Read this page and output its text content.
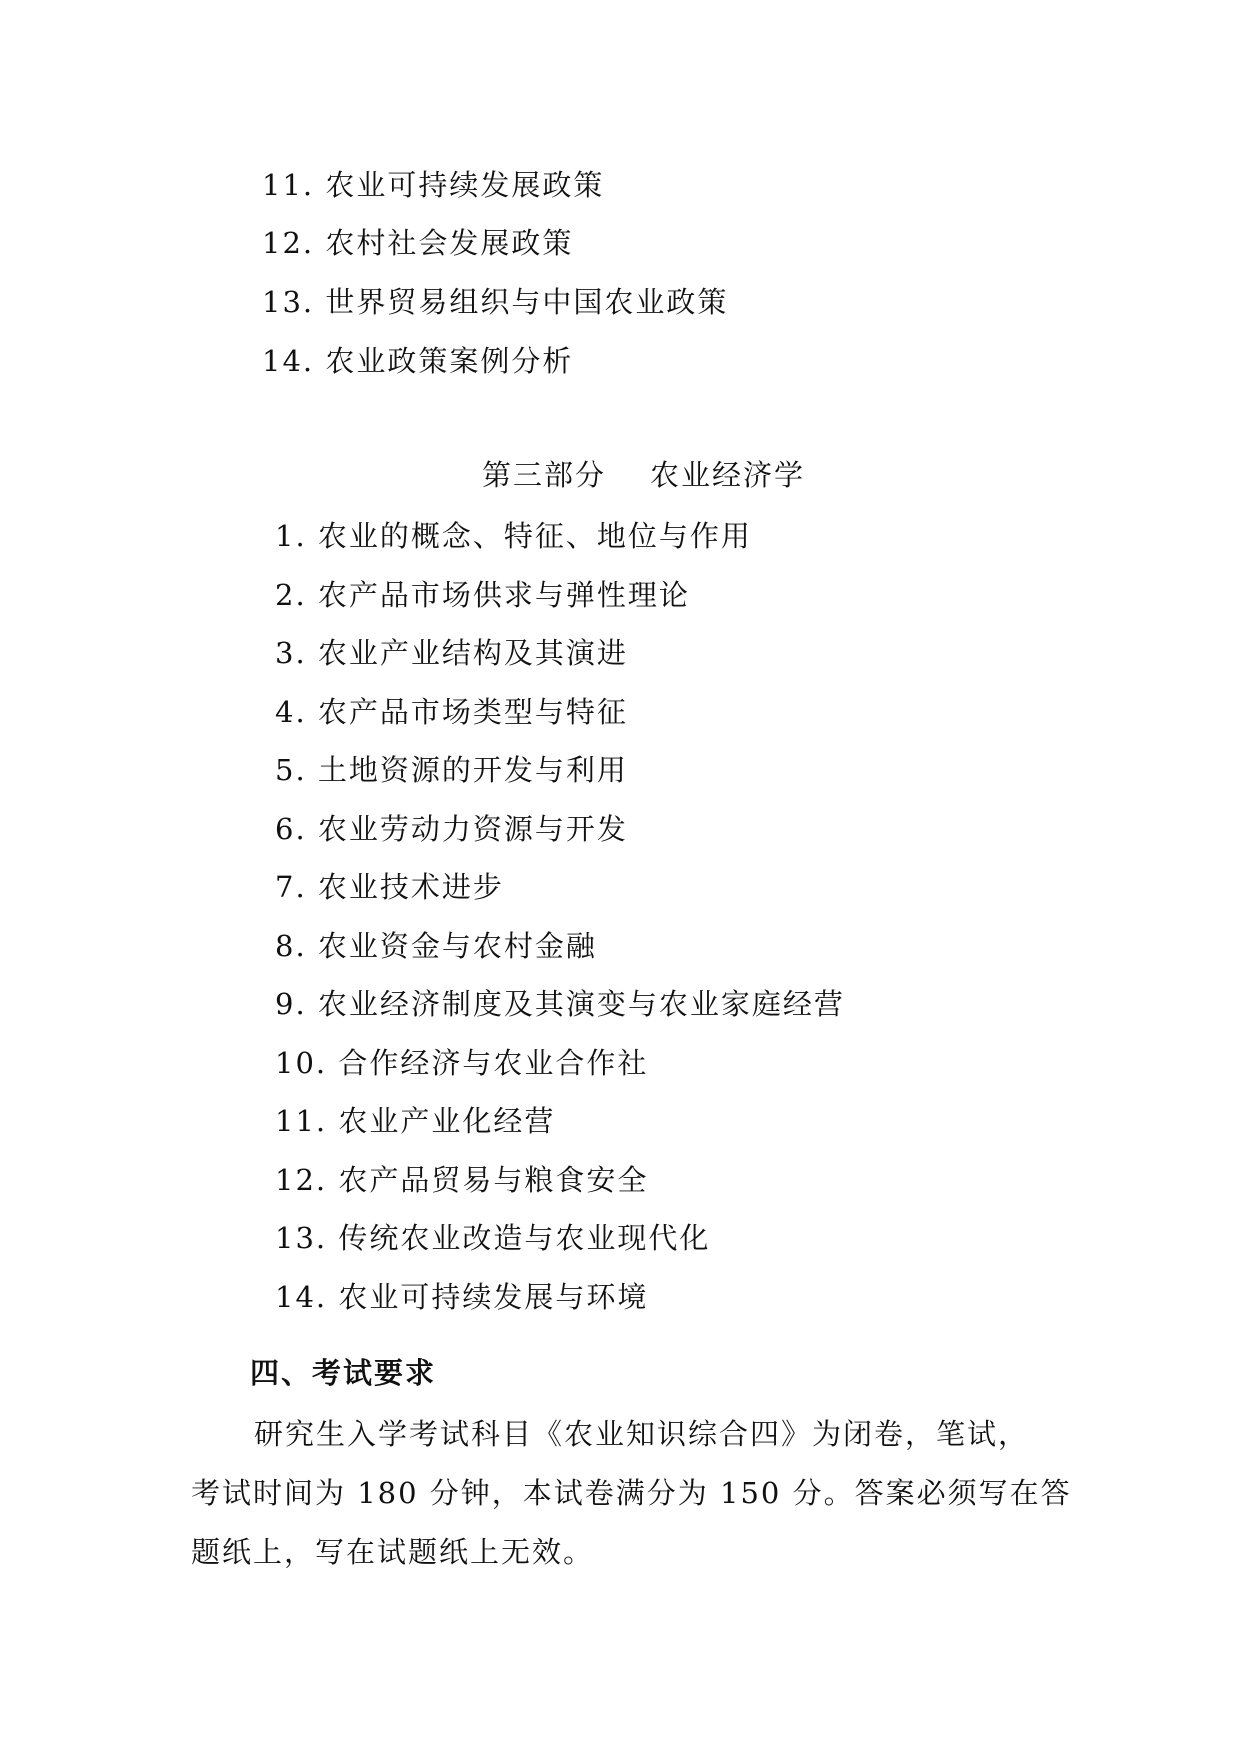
11. 农业可持续发展政策
12. 农村社会发展政策
13. 世界贸易组织与中国农业政策
14. 农业政策案例分析
第三部分 农业经济学
1. 农业的概念、特征、地位与作用
2. 农产品市场供求与弹性理论
3. 农业产业结构及其演进
4. 农产品市场类型与特征
5. 土地资源的开发与利用
6. 农业劳动力资源与开发
7. 农业技术进步
8. 农业资金与农村金融
9. 农业经济制度及其演变与农业家庭经营
10. 合作经济与农业合作社
11. 农业产业化经营
12. 农产品贸易与粮食安全
13. 传统农业改造与农业现代化
14. 农业可持续发展与环境
四、考试要求
研究生入学考试科目《农业知识综合四》为闭卷，笔试，
考试时间为 180 分钟，本试卷满分为 150 分。答案必须写在答
题纸上，写在试题纸上无效。
